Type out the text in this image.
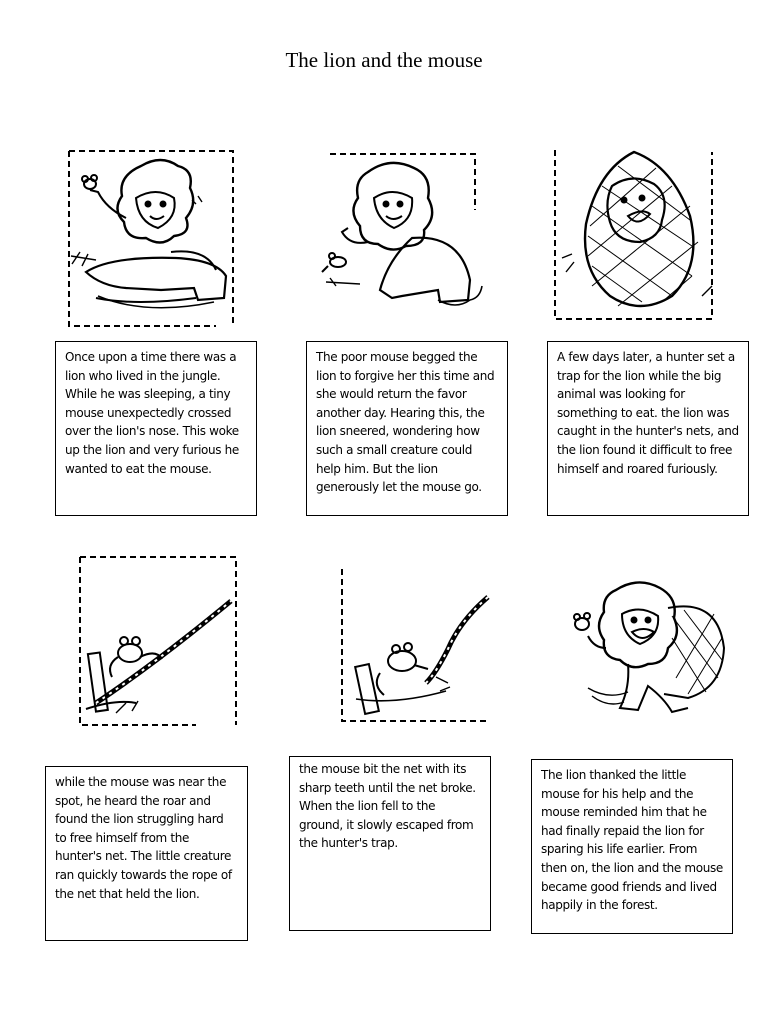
The lion and the mouse
Once upon a time there was a lion who lived in the jungle. While he was sleeping, a tiny mouse unexpectedly crossed over the lion's nose. This woke up the lion and very furious he wanted to eat the mouse.
The poor mouse begged the lion to forgive her this time and she would return the favor another day. Hearing this, the lion sneered, wondering how such a small creature could help him. But the lion generously let the mouse go.
A few days later, a hunter set a trap for the lion while the big animal was looking for something to eat. the lion was caught in the hunter's nets, and the lion found it difficult to free himself and roared furiously.
while the mouse was near the spot, he heard the roar and found the lion struggling hard to free himself from the hunter's net. The little creature ran quickly towards the rope of the net that held the lion.
the mouse bit the net with its sharp teeth until the net broke. When the lion fell to the ground, it slowly escaped from the hunter's trap.
The lion thanked the little mouse for his help and the mouse reminded him that he had finally repaid the lion for sparing his life earlier. From then on, the lion and the mouse became good friends and lived happily in the forest.
